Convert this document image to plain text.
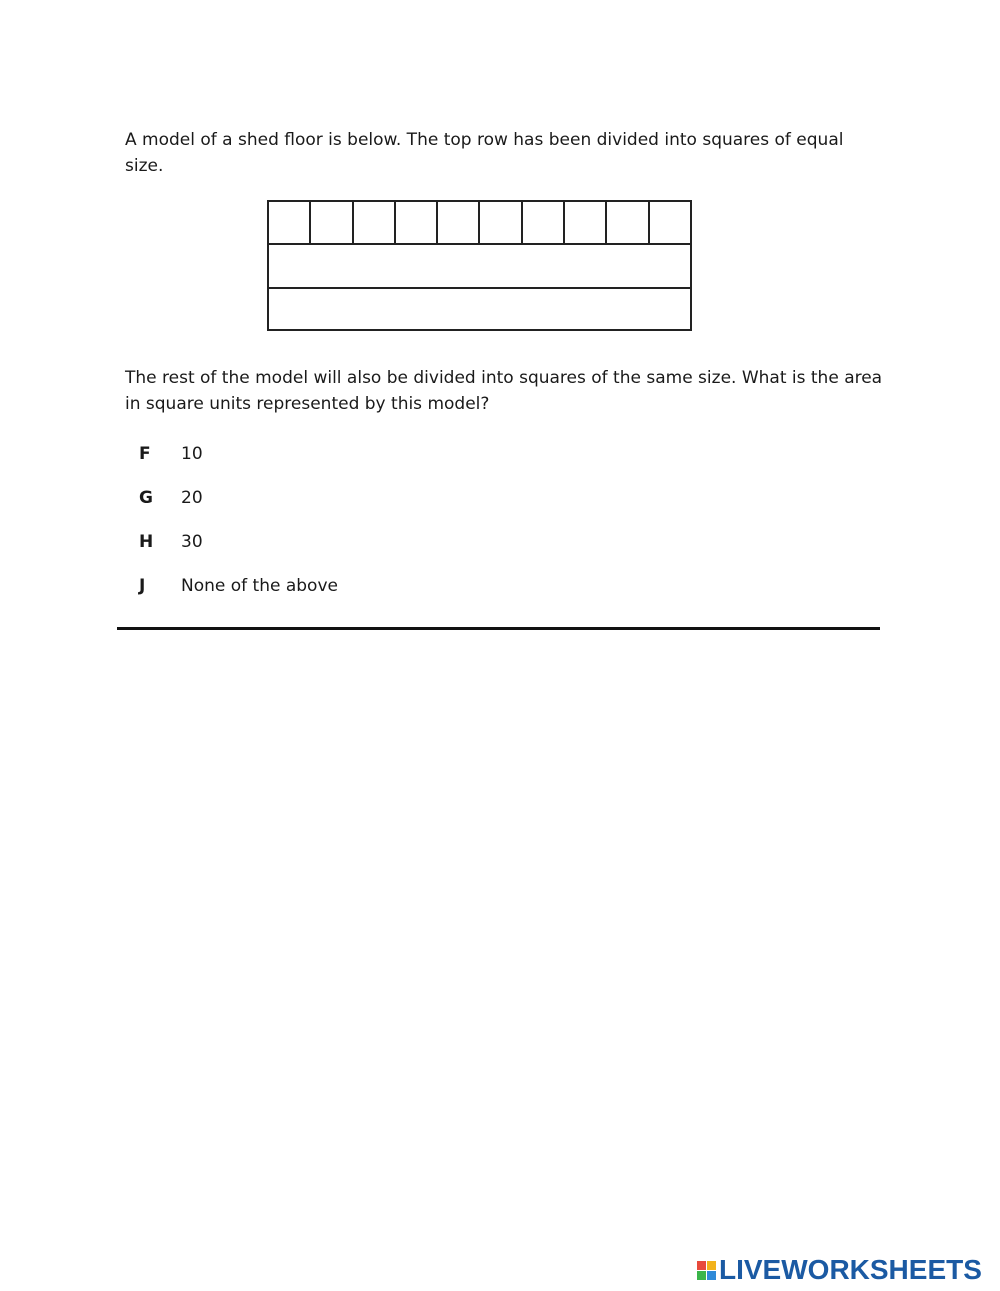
A model of a shed floor is below. The top row has been divided into squares of equal size.

The rest of the model will also be divided into squares of the same size. What is the area in square units represented by this model?

F	10
G	20
H	30
J	None of the above
LIVEWORKSHEETS
